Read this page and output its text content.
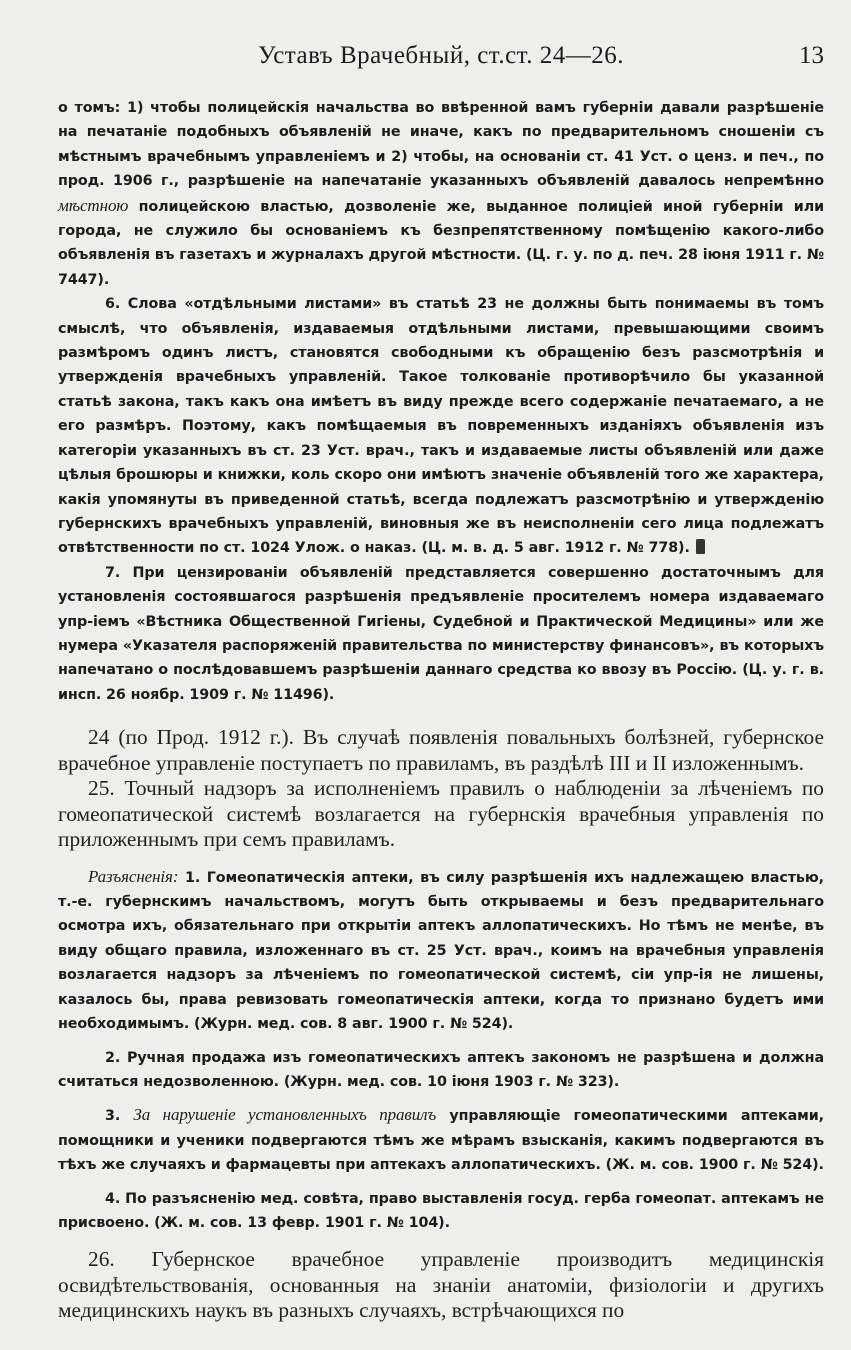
Уставъ Врачебный, ст.ст. 24—26.	13

о томъ: 1) чтобы полицейскія начальства во ввѣренной вамъ губерніи давали разрѣшеніе на печатаніе подобныхъ объявленій не иначе, какъ по предварительномъ сношеніи съ мѣстнымъ врачебнымъ управленіемъ и 2) чтобы, на основаніи ст. 41 Уст. о ценз. и печ., по прод. 1906 г., разрѣшеніе на напечатаніе указанныхъ объявленій давалось непремѣнно мѣстною полицейскою властью, дозволеніе же, выданное полиціей иной губерніи или города, не служило бы основаніемъ къ безпрепятственному помѣщенію какого-либо объявленія въ газетахъ и журналахъ другой мѣстности. (Ц. г. у. по д. печ. 28 іюня 1911 г. № 7447).

6. Слова «отдѣльными листами» въ статьѣ 23 не должны быть понимаемы въ томъ смыслѣ, что объявленія, издаваемыя отдѣльными листами, превышающими своимъ размѣромъ одинъ листъ, становятся свободными къ обращенію безъ разсмотрѣнія и утвержденія врачебныхъ управленій. Такое толкованіе противорѣчило бы указанной статьѣ закона, такъ какъ она имѣетъ въ виду прежде всего содержаніе печатаемаго, а не его размѣръ. Поэтому, какъ помѣщаемыя въ повременныхъ изданіяхъ объявленія изъ категоріи указанныхъ въ ст. 23 Уст. врач., такъ и издаваемые листы объявленій или даже цѣлыя брошюры и книжки, коль скоро они имѣютъ значеніе объявленій того же характера, какія упомянуты въ приведенной статьѣ, всегда подлежатъ разсмотрѣнію и утвержденію губернскихъ врачебныхъ управленій, виновныя же въ неисполненіи сего лица подлежатъ отвѣтственности по ст. 1024 Улож. о наказ. (Ц. м. в. д. 5 авг. 1912 г. № 778).

7. При цензированіи объявленій представляется совершенно достаточнымъ для установленія состоявшагося разрѣшенія предъявленіе просителемъ номера издаваемаго упр-іемъ «Вѣстника Общественной Гигіены, Судебной и Практической Медицины» или же нумера «Указателя распоряженій правительства по министерству финансовъ», въ которыхъ напечатано о послѣдовавшемъ разрѣшеніи даннаго средства ко ввозу въ Россію. (Ц. у. г. в. инсп. 26 ноябр. 1909 г. № 11496).

24 (по Прод. 1912 г.). Въ случаѣ появленія повальныхъ болѣзней, губернское врачебное управленіе поступаетъ по правиламъ, въ раздѣлѣ III и II изложеннымъ.

25. Точный надзоръ за исполненіемъ правилъ о наблюденіи за лѣченіемъ по гомеопатической системѣ возлагается на губернскія врачебныя управленія по приложеннымъ при семъ правиламъ.

Разъясненія: 1. Гомеопатическія аптеки, въ силу разрѣшенія ихъ надлежащею властью, т.-е. губернскимъ начальствомъ, могутъ быть открываемы и безъ предварительнаго осмотра ихъ, обязательнаго при открытіи аптекъ аллопатическихъ. Но тѣмъ не менѣе, въ виду общаго правила, изложеннаго въ ст. 25 Уст. врач., коимъ на врачебныя управленія возлагается надзоръ за лѣченіемъ по гомеопатической системѣ, сіи упр-ія не лишены, казалось бы, права ревизовать гомеопатическія аптеки, когда то признано будетъ ими необходимымъ. (Журн. мед. сов. 8 авг. 1900 г. № 524).

2. Ручная продажа изъ гомеопатическихъ аптекъ закономъ не разрѣшена и должна считаться недозволенною. (Журн. мед. сов. 10 іюня 1903 г. № 323).

3. За нарушеніе установленныхъ правилъ управляющіе гомеопатическими аптеками, помощники и ученики подвергаются тѣмъ же мѣрамъ взысканія, какимъ подвергаются въ тѣхъ же случаяхъ и фармацевты при аптекахъ аллопатическихъ. (Ж. м. сов. 1900 г. № 524).

4. По разъясненію мед. совѣта, право выставленія госуд. герба гомеопат. аптекамъ не присвоено. (Ж. м. сов. 13 февр. 1901 г. № 104).

26. Губернское врачебное управленіе производитъ медицинскія освидѣтельствованія, основанныя на знаніи анатоміи, физіологіи и другихъ медицинскихъ наукъ въ разныхъ случаяхъ, встрѣчающихся по
